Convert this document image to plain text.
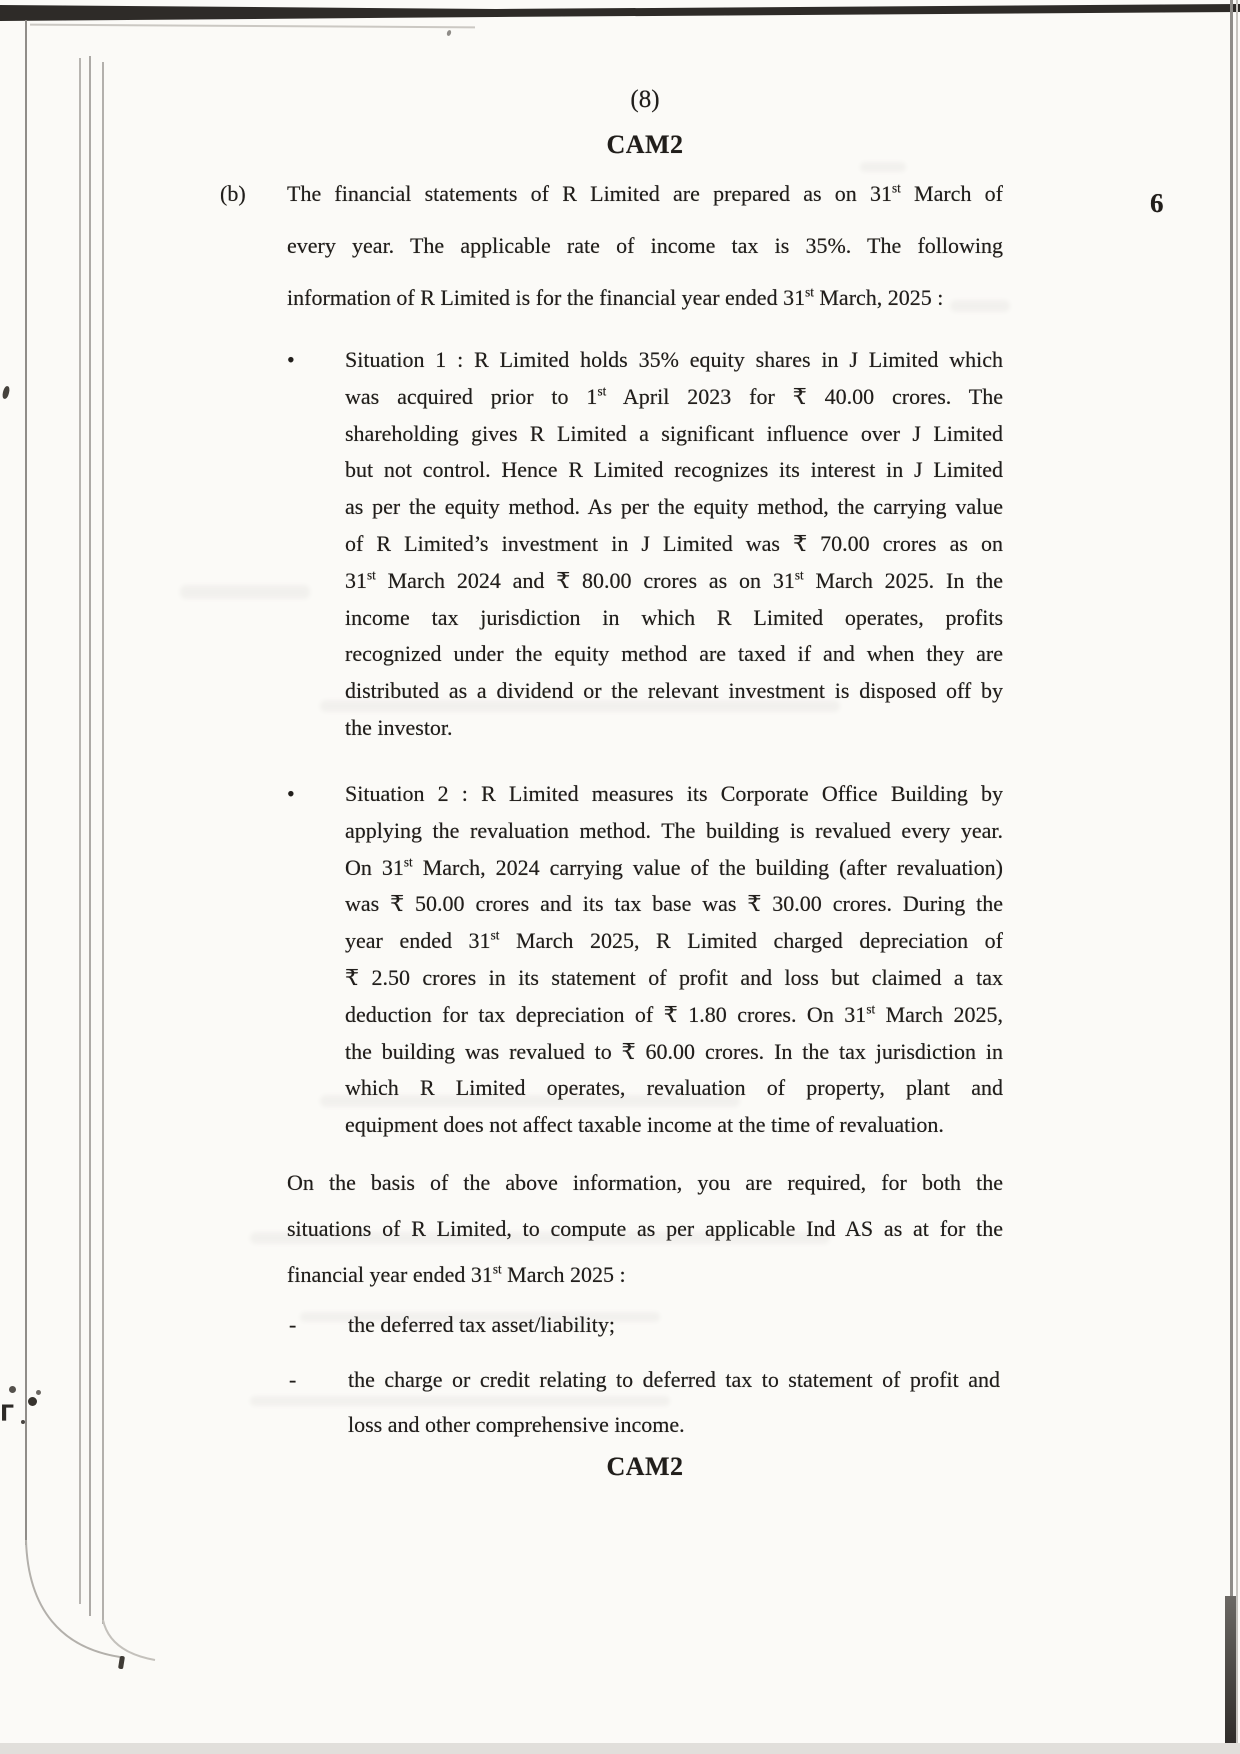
Γ
(8)
CAM2
6
(b) The financial statements of R Limited are prepared as on 31st March of
every year. The applicable rate of income tax is 35%. The following
information of R Limited is for the financial year ended 31st March, 2025 :
• Situation 1 : R Limited holds 35% equity shares in J Limited which
was acquired prior to 1st April 2023 for ₹ 40.00 crores. The
shareholding gives R Limited a significant influence over J Limited
but not control. Hence R Limited recognizes its interest in J Limited
as per the equity method. As per the equity method, the carrying value
of R Limited’s investment in J Limited was ₹ 70.00 crores as on
31st March 2024 and ₹ 80.00 crores as on 31st March 2025. In the
income tax jurisdiction in which R Limited operates, profits
recognized under the equity method are taxed if and when they are
distributed as a dividend or the relevant investment is disposed off by
the investor.
• Situation 2 : R Limited measures its Corporate Office Building by
applying the revaluation method. The building is revalued every year.
On 31st March, 2024 carrying value of the building (after revaluation)
was ₹ 50.00 crores and its tax base was ₹ 30.00 crores. During the
year ended 31st March 2025, R Limited charged depreciation of
₹ 2.50 crores in its statement of profit and loss but claimed a tax
deduction for tax depreciation of ₹ 1.80 crores. On 31st March 2025,
the building was revalued to ₹ 60.00 crores. In the tax jurisdiction in
which R Limited operates, revaluation of property, plant and
equipment does not affect taxable income at the time of revaluation.
On the basis of the above information, you are required, for both the
situations of R Limited, to compute as per applicable Ind AS as at for the
financial year ended 31st March 2025 :
- the deferred tax asset/liability;
- the charge or credit relating to deferred tax to statement of profit and
loss and other comprehensive income.
CAM2
